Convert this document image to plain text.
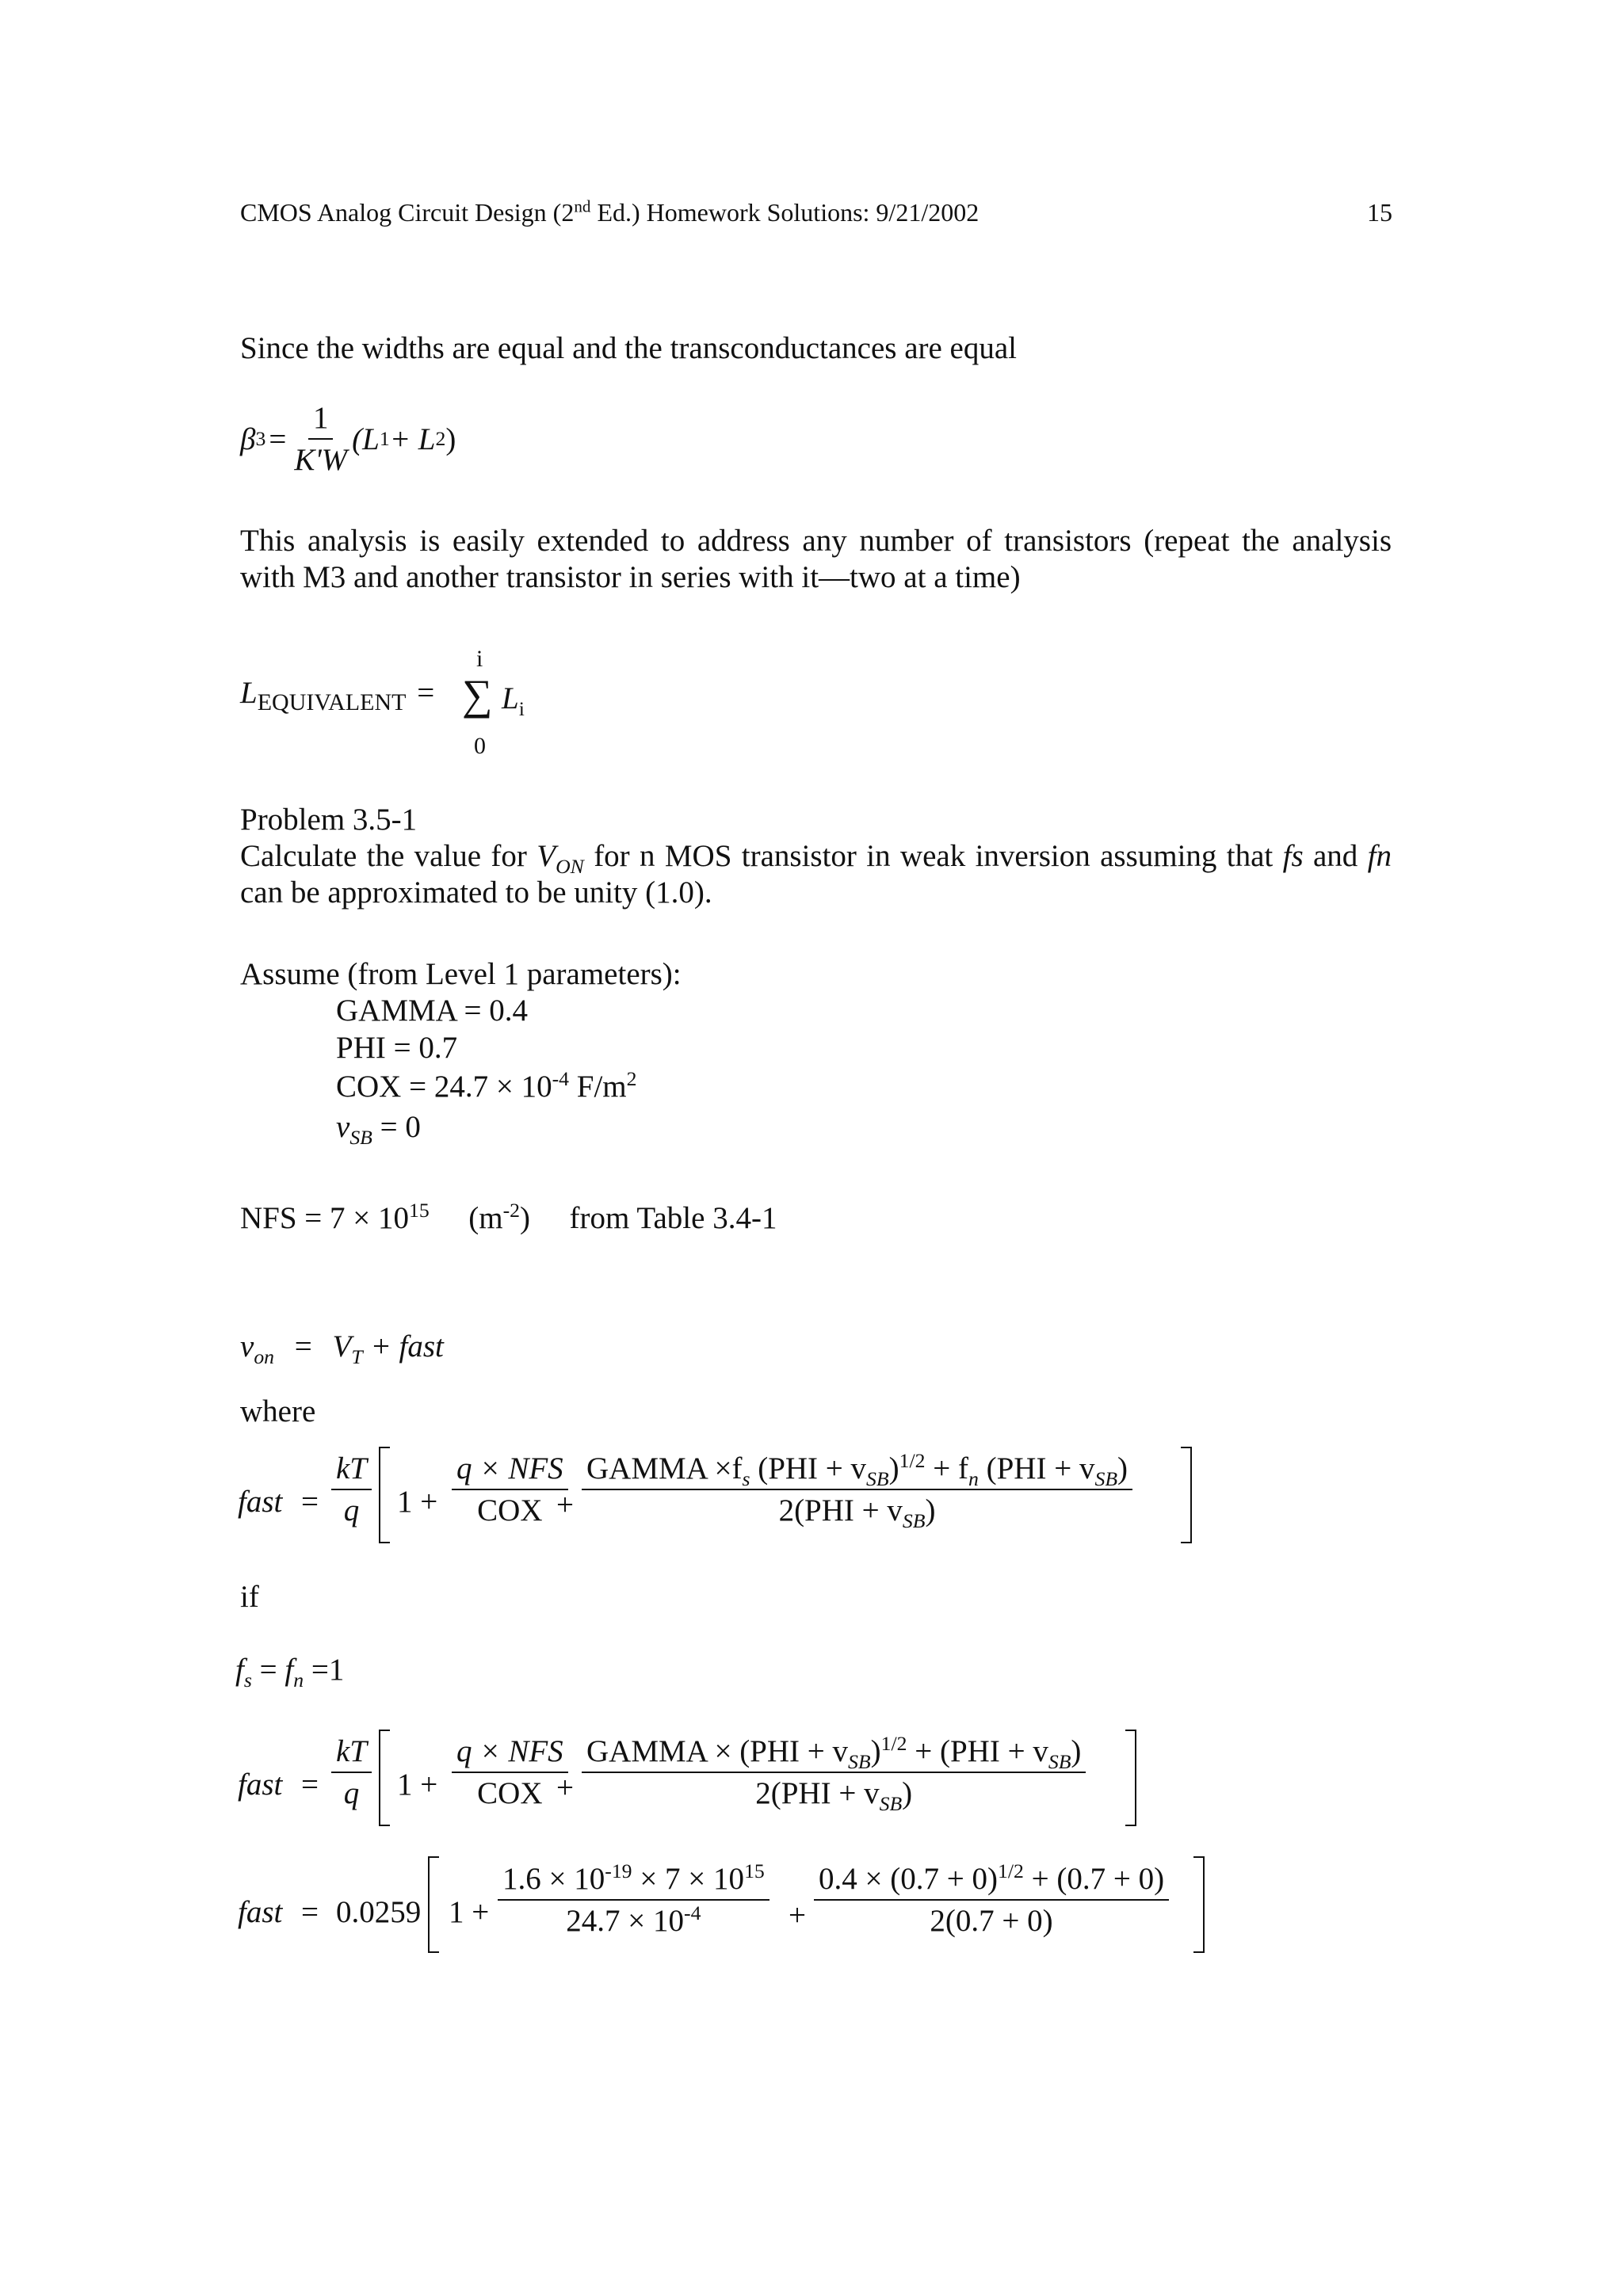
CMOS Analog Circuit Design (2nd Ed.) Homework Solutions: 9/21/2002	15
Since the widths are equal and the transconductances are equal
β $3 = \frac{1}{K'W} (L$ 1 + L 2 )
This analysis is easily extended to address any number of transistors (repeat the analysis with M3 and another transistor in series with it—two at a time)
$L_{EQUIVALENT}$ =
i
∑
0
$L_i$
Problem 3.5-1
Calculate the value for $V_{ON}$ for n MOS transistor in weak inversion assuming that fs and fn can be approximated to be unity (1.0).
Assume (from Level 1 parameters):
GAMMA = 0.4
PHI = 0.7
COX = $24.7 \times 10^{-4}$ $F/m^2$
$v_{SB} = 0$
NFS = $7 \times 10^{15}$ $(m^{-2})$ from Table 3.4-1
$v_{on} = V_T$ + fast
where
fast = $\frac{kT}{q} 1 + \frac{\text{q × NFS}}{\text{COX}}$
+ $\frac{GAMMA \times f_s (PHI + v_{SB})^{1/2} + f_n (PHI + v_{SB})}{2(PHI + v_{SB})}$
if
$f_s = f_n =1$
fast = $\frac{kT}{q} 1 + \frac{\text{q × NFS}}{\text{COX}}$
+ $\frac{GAMMA \times (PHI + v_{SB})^{1/2} + (PHI + v_{SB})}{2(PHI + v_{SB})}$
fast = 0.0259 $1 + \frac{1.6 \times 10^{-19} \times 7 \times 10^{15}}{24.7 \times 10^{-4}} + \frac{0.4 \times (0.7 + 0)^{1/2} + (0.7 + 0)}{2(0.7 + 0)}$
